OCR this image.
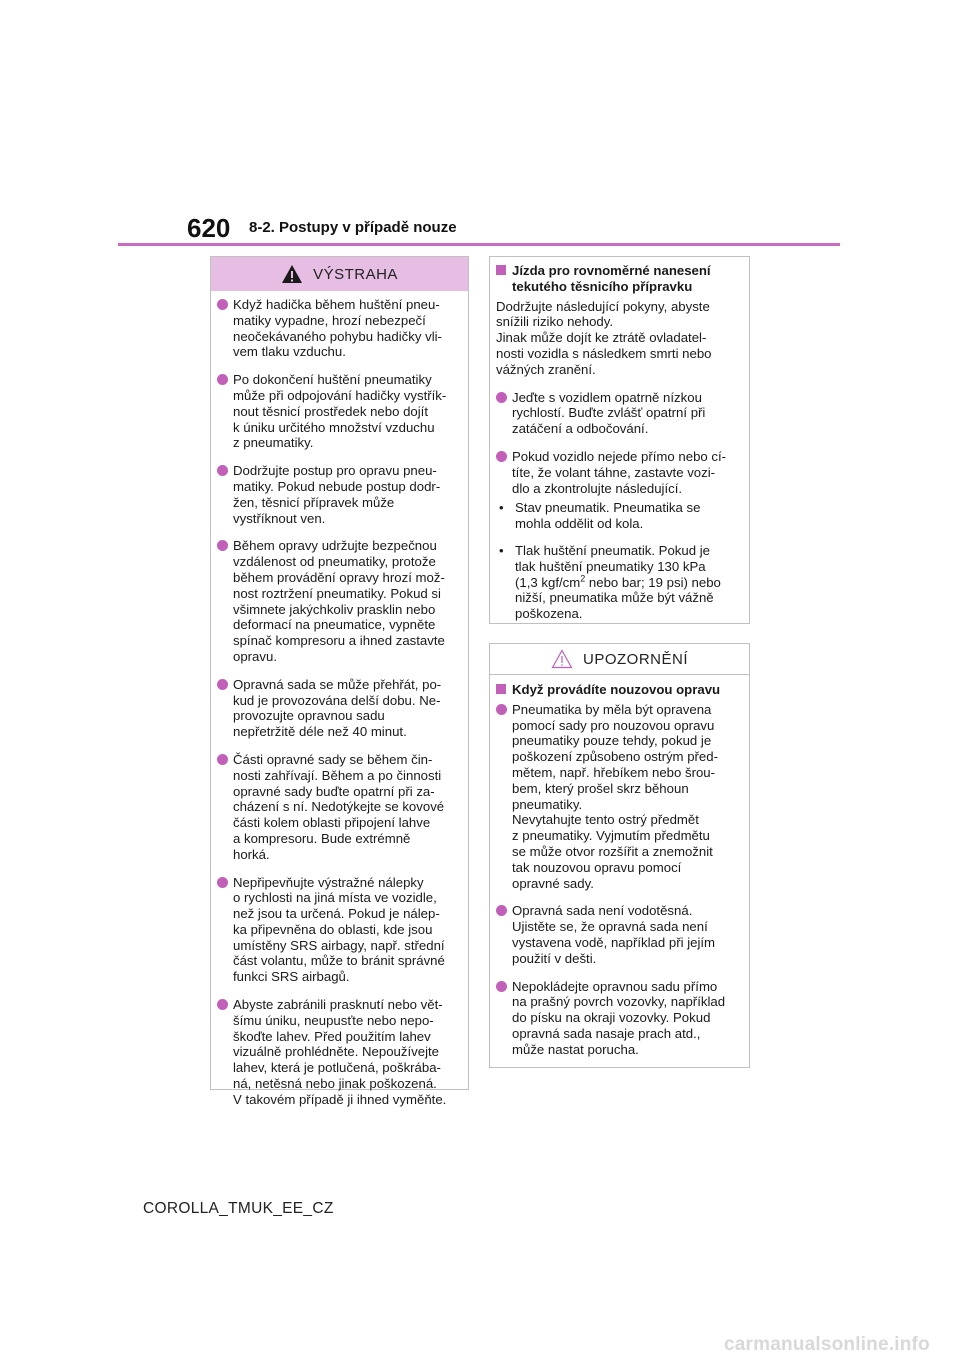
620 8-2. Postupy v případě nouze
VÝSTRAHA
Když hadička během huštění pneu-
matiky vypadne, hrozí nebezpečí
neočekávaného pohybu hadičky vli-
vem tlaku vzduchu.
Po dokončení huštění pneumatiky
může při odpojování hadičky vystřík-
nout těsnicí prostředek nebo dojít
k úniku určitého množství vzduchu
z pneumatiky.
Dodržujte postup pro opravu pneu-
matiky. Pokud nebude postup dodr-
žen, těsnicí přípravek může
vystříknout ven.
Během opravy udržujte bezpečnou
vzdálenost od pneumatiky, protože
během provádění opravy hrozí mož-
nost roztržení pneumatiky. Pokud si
všimnete jakýchkoliv prasklin nebo
deformací na pneumatice, vypněte
spínač kompresoru a ihned zastavte
opravu.
Opravná sada se může přehřát, po-
kud je provozována delší dobu. Ne-
provozujte opravnou sadu
nepřetržitě déle než 40 minut.
Části opravné sady se během čin-
nosti zahřívají. Během a po činnosti
opravné sady buďte opatrní při za-
cházení s ní. Nedotýkejte se kovové
části kolem oblasti připojení lahve
a kompresoru. Bude extrémně
horká.
Nepřipevňujte výstražné nálepky
o rychlosti na jiná místa ve vozidle,
než jsou ta určená. Pokud je nálep-
ka připevněna do oblasti, kde jsou
umístěny SRS airbagy, např. střední
část volantu, může to bránit správné
funkci SRS airbagů.
Abyste zabránili prasknutí nebo vět-
šímu úniku, neupusťte nebo nepo-
škoďte lahev. Před použitím lahev
vizuálně prohlédněte. Nepoužívejte
lahev, která je potlučená, poškrába-
ná, netěsná nebo jinak poškozená.
V takovém případě ji ihned vyměňte.
Jízda pro rovnoměrné nanesení
tekutého těsnicího přípravku
Dodržujte následující pokyny, abyste
snížili riziko nehody.
Jinak může dojít ke ztrátě ovladatel-
nosti vozidla s následkem smrti nebo
vážných zranění.
Jeďte s vozidlem opatrně nízkou
rychlostí. Buďte zvlášť opatrní při
zatáčení a odbočování.
Pokud vozidlo nejede přímo nebo cí-
títe, že volant táhne, zastavte vozi-
dlo a zkontrolujte následující.
• Stav pneumatik. Pneumatika se
mohla oddělit od kola.
• Tlak huštění pneumatik. Pokud je
tlak huštění pneumatiky 130 kPa
(1,3 kgf/$cm^2$ nebo bar; 19 psi) nebo
nižší, pneumatika může být vážně
poškozena.
UPOZORNĚNÍ
Když provádíte nouzovou opravu
Pneumatika by měla být opravena
pomocí sady pro nouzovou opravu
pneumatiky pouze tehdy, pokud je
poškození způsobeno ostrým před-
mětem, např. hřebíkem nebo šrou-
bem, který prošel skrz běhoun
pneumatiky.
Nevytahujte tento ostrý předmět
z pneumatiky. Vyjmutím předmětu
se může otvor rozšířit a znemožnit
tak nouzovou opravu pomocí
opravné sady.
Opravná sada není vodotěsná.
Ujistěte se, že opravná sada není
vystavena vodě, například při jejím
použití v dešti.
Nepokládejte opravnou sadu přímo
na prašný povrch vozovky, například
do písku na okraji vozovky. Pokud
opravná sada nasaje prach atd.,
může nastat porucha.
COROLLA_TMUK_EE_CZ
carmanualsonline.info
